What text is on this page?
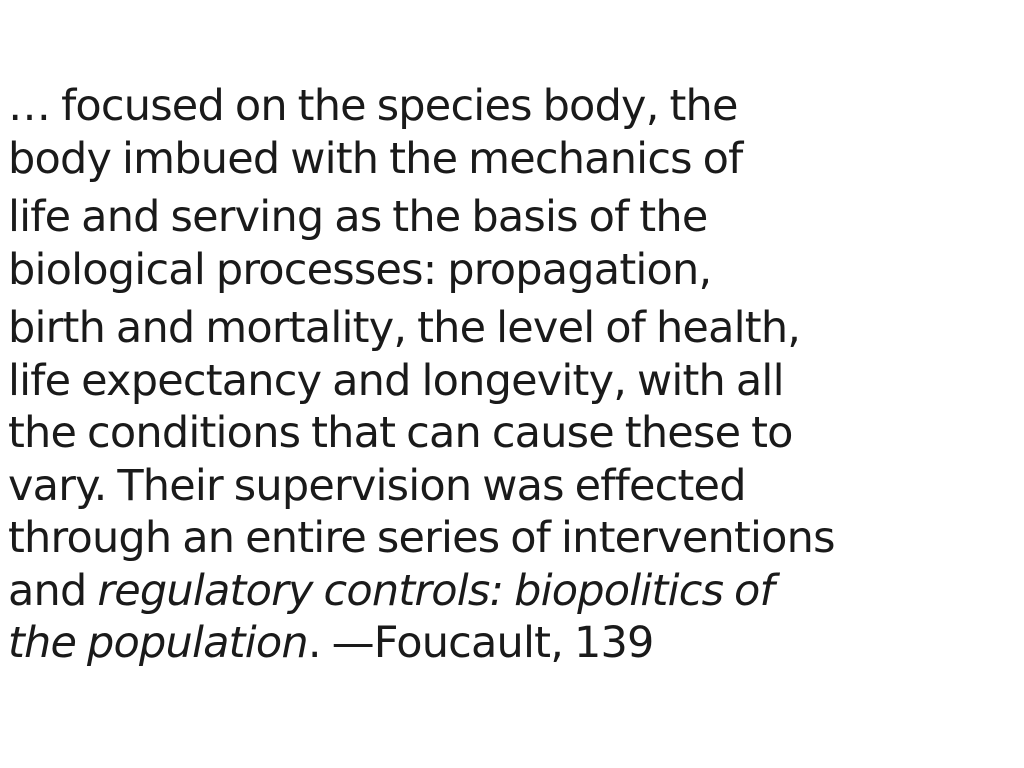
… focused on the species body, the
body imbued with the mechanics of
life and serving as the basis of the
biological processes: propagation,
birth and mortality, the level of health,
life expectancy and longevity, with all
the conditions that can cause these to
vary. Their supervision was effected
through an entire series of interventions
and regulatory controls: biopolitics of
the population. —Foucault, 139
